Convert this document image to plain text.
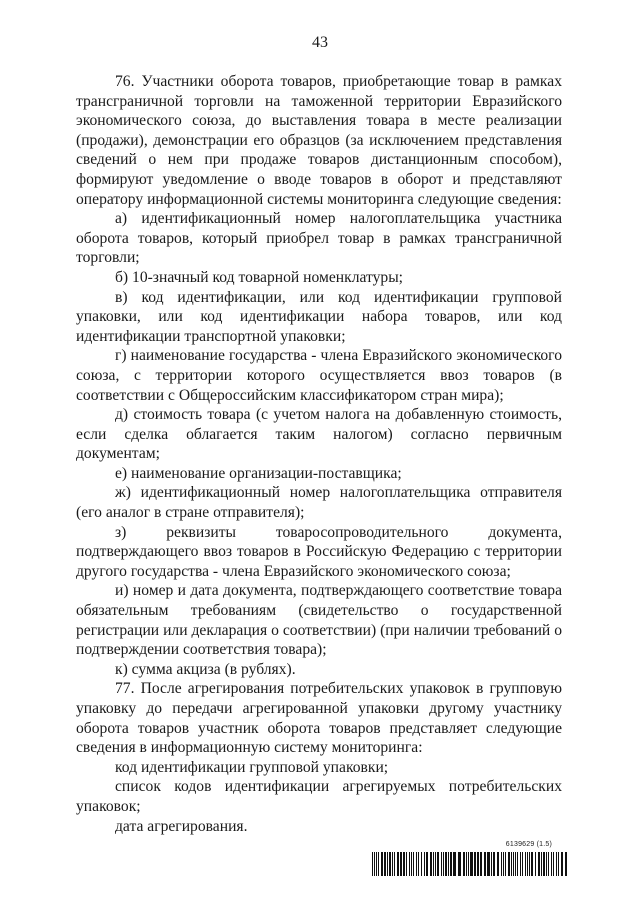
43

76. Участники оборота товаров, приобретающие товар в рамках трансграничной торговли на таможенной территории Евразийского экономического союза, до выставления товара в месте реализации (продажи), демонстрации его образцов (за исключением представления сведений о нем при продаже товаров дистанционным способом), формируют уведомление о вводе товаров в оборот и представляют оператору информационной системы мониторинга следующие сведения:

а) идентификационный номер налогоплательщика участника оборота товаров, который приобрел товар в рамках трансграничной торговли;

б) 10-значный код товарной номенклатуры;

в) код идентификации, или код идентификации групповой упаковки, или код идентификации набора товаров, или код идентификации транспортной упаковки;

г) наименование государства - члена Евразийского экономического союза, с территории которого осуществляется ввоз товаров (в соответствии с Общероссийским классификатором стран мира);

д) стоимость товара (с учетом налога на добавленную стоимость, если сделка облагается таким налогом) согласно первичным документам;

е) наименование организации-поставщика;

ж) идентификационный номер налогоплательщика отправителя (его аналог в стране отправителя);

з) реквизиты товаросопроводительного документа, подтверждающего ввоз товаров в Российскую Федерацию с территории другого государства - члена Евразийского экономического союза;

и) номер и дата документа, подтверждающего соответствие товара обязательным требованиям (свидетельство о государственной регистрации или декларация о соответствии) (при наличии требований о подтверждении соответствия товара);

к) сумма акциза (в рублях).

77. После агрегирования потребительских упаковок в групповую упаковку до передачи агрегированной упаковки другому участнику оборота товаров участник оборота товаров представляет следующие сведения в информационную систему мониторинга:

код идентификации групповой упаковки;

список кодов идентификации агрегируемых потребительских упаковок;

дата агрегирования.

6139629 (1.5)
